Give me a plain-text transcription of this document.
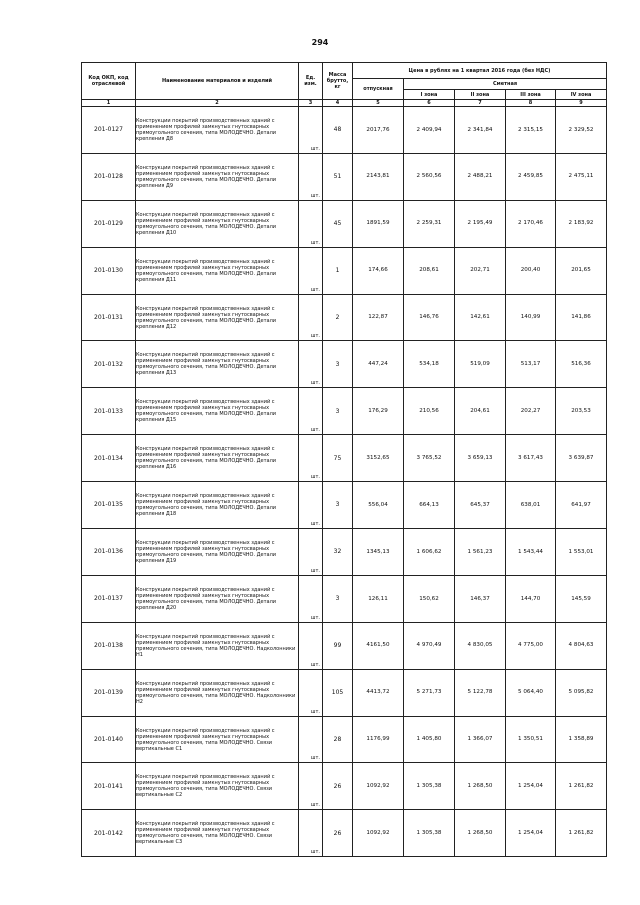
294
Код ОКП, код отраслевой	Наименование материалов и изделий	Ед. изм.	Масса брутто, кг	Цена в рублях на 1 квартал 2016 года (без НДС)				
				отпускная	Сметная			
					I зона	II зона	III зона	IV зона
1	2	3	4	5	6	7	8	9
201-0127	Конструкции покрытий производственных зданий с применением профилей замкнутых гнутосварных прямоугольного сечения, типа МОЛОДЕЧНО. Детали крепления Д8	шт.	48	2017,76	2 409,94	2 341,84	2 315,15	2 329,52
201-0128	Конструкции покрытий производственных зданий с применением профилей замкнутых гнутосварных прямоугольного сечения, типа МОЛОДЕЧНО. Детали крепления Д9	шт.	51	2143,81	2 560,56	2 488,21	2 459,85	2 475,11
201-0129	Конструкции покрытий производственных зданий с применением профилей замкнутых гнутосварных прямоугольного сечения, типа МОЛОДЕЧНО. Детали крепления Д10	шт.	45	1891,59	2 259,31	2 195,49	2 170,46	2 183,92
201-0130	Конструкции покрытий производственных зданий с применением профилей замкнутых гнутосварных прямоугольного сечения, типа МОЛОДЕЧНО. Детали крепления Д11	шт.	1	174,66	208,61	202,71	200,40	201,65
201-0131	Конструкции покрытий производственных зданий с применением профилей замкнутых гнутосварных прямоугольного сечения, типа МОЛОДЕЧНО. Детали крепления Д12	шт.	2	122,87	146,76	142,61	140,99	141,86
201-0132	Конструкции покрытий производственных зданий с применением профилей замкнутых гнутосварных прямоугольного сечения, типа МОЛОДЕЧНО. Детали крепления Д13	шт.	3	447,24	534,18	519,09	513,17	516,36
201-0133	Конструкции покрытий производственных зданий с применением профилей замкнутых гнутосварных прямоугольного сечения, типа МОЛОДЕЧНО. Детали крепления Д15	шт.	3	176,29	210,56	204,61	202,27	203,53
201-0134	Конструкции покрытий производственных зданий с применением профилей замкнутых гнутосварных прямоугольного сечения, типа МОЛОДЕЧНО. Детали крепления Д16	шт.	75	3152,65	3 765,52	3 659,13	3 617,43	3 639,87
201-0135	Конструкции покрытий производственных зданий с применением профилей замкнутых гнутосварных прямоугольного сечения, типа МОЛОДЕЧНО. Детали крепления Д18	шт.	3	556,04	664,13	645,37	638,01	641,97
201-0136	Конструкции покрытий производственных зданий с применением профилей замкнутых гнутосварных прямоугольного сечения, типа МОЛОДЕЧНО. Детали крепления Д19	шт.	32	1345,13	1 606,62	1 561,23	1 543,44	1 553,01
201-0137	Конструкции покрытий производственных зданий с применением профилей замкнутых гнутосварных прямоугольного сечения, типа МОЛОДЕЧНО. Детали крепления Д20	шт.	3	126,11	150,62	146,37	144,70	145,59
201-0138	Конструкции покрытий производственных зданий с применением профилей замкнутых гнутосварных прямоугольного сечения, типа МОЛОДЕЧНО. Надколонники Н1	шт.	99	4161,50	4 970,49	4 830,05	4 775,00	4 804,63
201-0139	Конструкции покрытий производственных зданий с применением профилей замкнутых гнутосварных прямоугольного сечения, типа МОЛОДЕЧНО. Надколонники Н2	шт.	105	4413,72	5 271,73	5 122,78	5 064,40	5 095,82
201-0140	Конструкции покрытий производственных зданий с применением профилей замкнутых гнутосварных прямоугольного сечения, типа МОЛОДЕЧНО. Связи вертикальные С1	шт.	28	1176,99	1 405,80	1 366,07	1 350,51	1 358,89
201-0141	Конструкции покрытий производственных зданий с применением профилей замкнутых гнутосварных прямоугольного сечения, типа МОЛОДЕЧНО. Связи вертикальные С2	шт.	26	1092,92	1 305,38	1 268,50	1 254,04	1 261,82
201-0142	Конструкции покрытий производственных зданий с применением профилей замкнутых гнутосварных прямоугольного сечения, типа МОЛОДЕЧНО. Связи вертикальные С3	шт.	26	1092,92	1 305,38	1 268,50	1 254,04	1 261,82
